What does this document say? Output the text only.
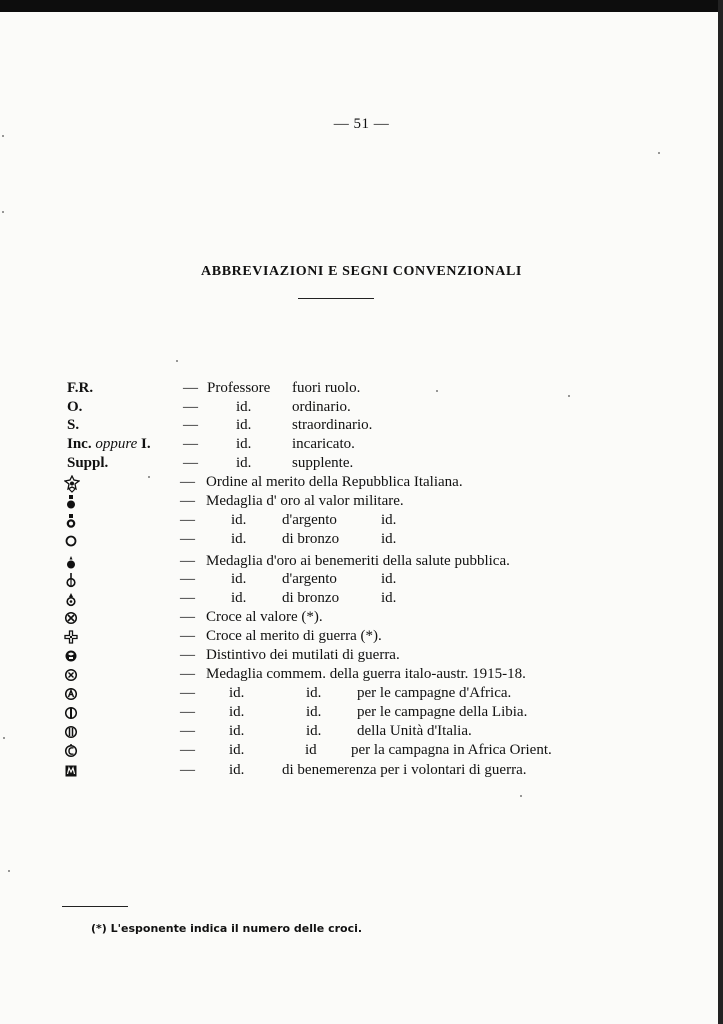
— 51 —
ABBREVIAZIONI E SEGNI CONVENZIONALI
F.R.	— Professore fuori ruolo.
O.	—	id.	ordinario.
S.	—	id.	straordinario.
Inc. oppure I. —	id.	incaricato.
Suppl.	—	id.	supplente.
— Ordine al merito della Repubblica Italiana.
— Medaglia d' oro al valor militare.
— id. d'argento	id.
— id. di bronzo	id.
— Medaglia d'oro ai benemeriti della salute pubblica.
— id. d'argento	id.
— id. di bronzo	id.
— Croce al valore (*).
— Croce al merito di guerra (*).
— Distintivo dei mutilati di guerra.
— Medaglia commem. della guerra italo-austr. 1915-18.
— id.	id. per le campagne d'Africa.
— id.	id. per le campagne della Libia.
— id.	id. della Unità d'Italia.
— id.	id per la campagna in Africa Orient.
— id.	di benemerenza per i volontari di guerra.
(*) L'esponente indica il numero delle croci.
